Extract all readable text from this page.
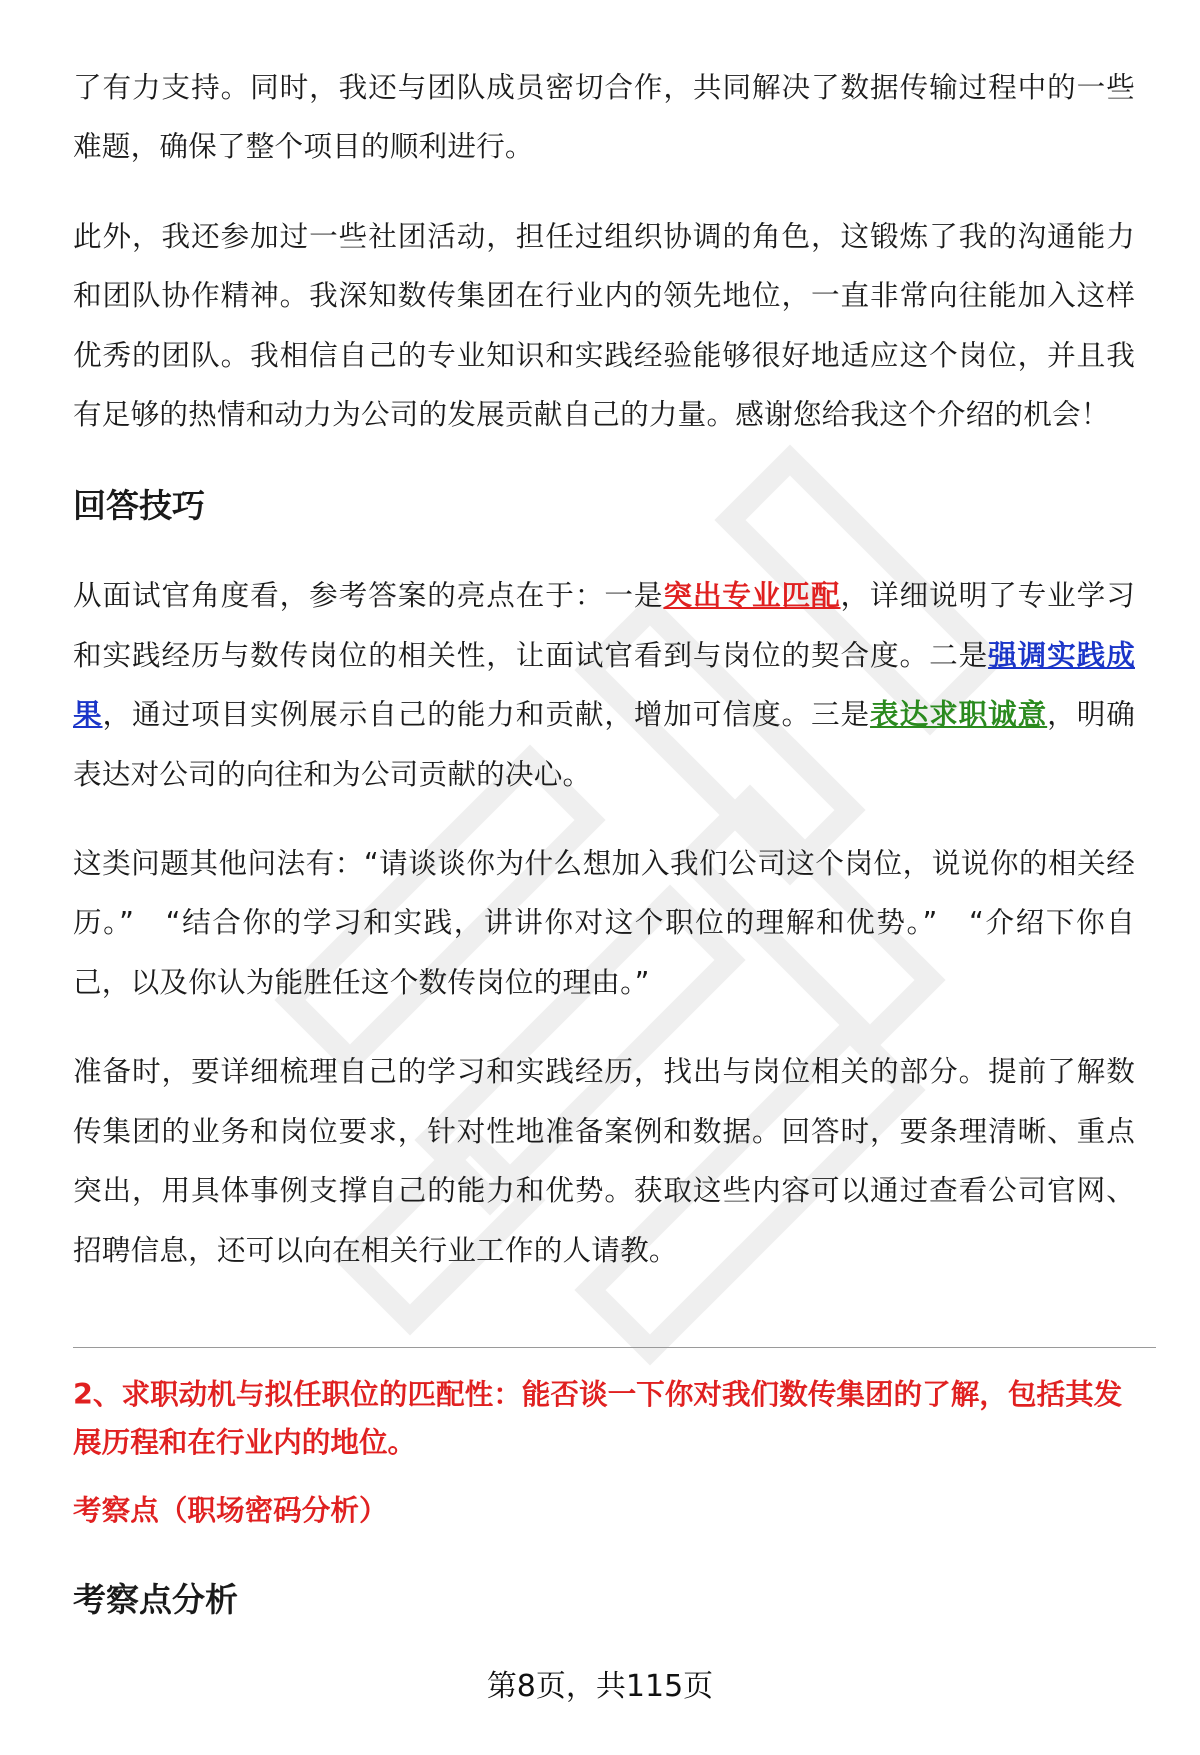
了有力支持。同时，我还与团队成员密切合作，共同解决了数据传输过程中的一些难题，确保了整个项目的顺利进行。

此外，我还参加过一些社团活动，担任过组织协调的角色，这锻炼了我的沟通能力和团队协作精神。我深知数传集团在行业内的领先地位，一直非常向往能加入这样优秀的团队。我相信自己的专业知识和实践经验能够很好地适应这个岗位，并且我有足够的热情和动力为公司的发展贡献自己的力量。感谢您给我这个介绍的机会！

回答技巧

从面试官角度看，参考答案的亮点在于：一是突出专业匹配，详细说明了专业学习和实践经历与数传岗位的相关性，让面试官看到与岗位的契合度。二是强调实践成果，通过项目实例展示自己的能力和贡献，增加可信度。三是表达求职诚意，明确表达对公司的向往和为公司贡献的决心。

这类问题其他问法有：“请谈谈你为什么想加入我们公司这个岗位，说说你的相关经历。”　“结合你的学习和实践，讲讲你对这个职位的理解和优势。”　“介绍下你自己，以及你认为能胜任这个数传岗位的理由。”

准备时，要详细梳理自己的学习和实践经历，找出与岗位相关的部分。提前了解数传集团的业务和岗位要求，针对性地准备案例和数据。回答时，要条理清晰、重点突出，用具体事例支撑自己的能力和优势。获取这些内容可以通过查看公司官网、招聘信息，还可以向在相关行业工作的人请教。

2、求职动机与拟任职位的匹配性：能否谈一下你对我们数传集团的了解，包括其发展历程和在行业内的地位。

考察点（职场密码分析）
考察点分析
第8页，共115页
